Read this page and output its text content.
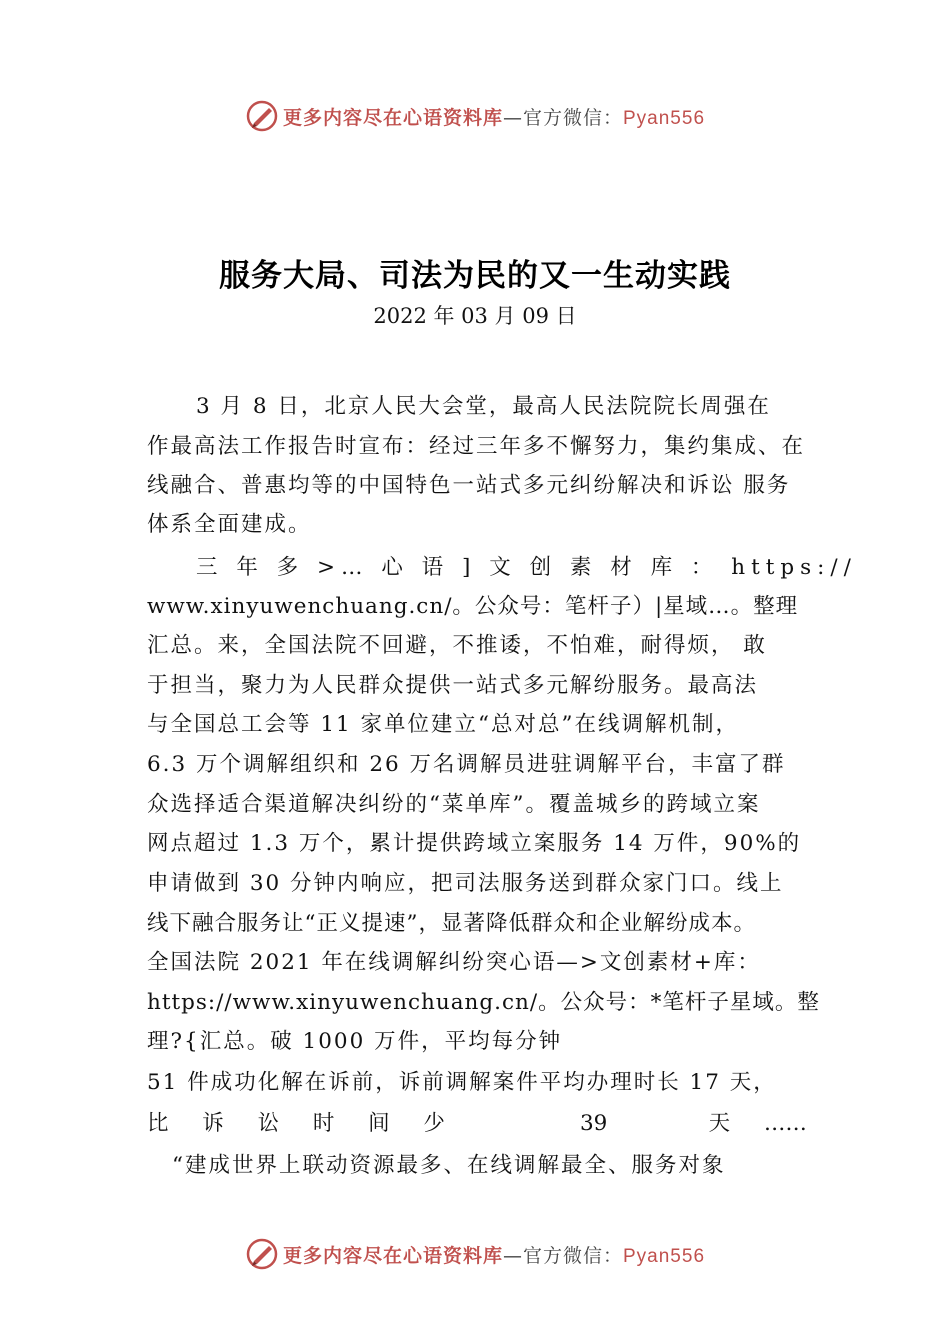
更多内容尽在心语资料库—官方微信：Pyan556
服务大局、司法为民的又一生动实践
2022 年 03 月 09 日
3 月 8 日，北京人民大会堂，最高人民法院院长周强在
作最高法工作报告时宣布：经过三年多不懈努力，集约集成、在
线融合、普惠均等的中国特色一站式多元纠纷解决和诉讼 服务
体系全面建成。
三 年 多 >… 心 语 ] 文 创 素 材 库 ： https://
www.xinyuwenchuang.cn/。公众号：笔杆子）|星域…。整理
汇总。来，全国法院不回避，不推诿，不怕难，耐得烦， 敢
于担当，聚力为人民群众提供一站式多元解纷服务。最高法
与全国总工会等 11 家单位建立“总对总”在线调解机制，
6.3 万个调解组织和 26 万名调解员进驻调解平台，丰富了群
众选择适合渠道解决纠纷的“菜单库”。覆盖城乡的跨域立案
网点超过 1.3 万个，累计提供跨域立案服务 14 万件，90%的
申请做到 30 分钟内响应，把司法服务送到群众家门口。线上
线下融合服务让“正义提速”，显著降低群众和企业解纷成本。
全国法院 2021 年在线调解纠纷突心语—>文创素材+库：
https://www.xinyuwenchuang.cn/。公众号：*笔杆子星域。整
理?{汇总。破 1000 万件，平均每分钟
51 件成功化解在诉前，诉前调解案件平均办理时长 17 天，
比 诉 讼 时 间 少	39	天 ……
“建成世界上联动资源最多、在线调解最全、服务对象
更多内容尽在心语资料库—官方微信：Pyan556
